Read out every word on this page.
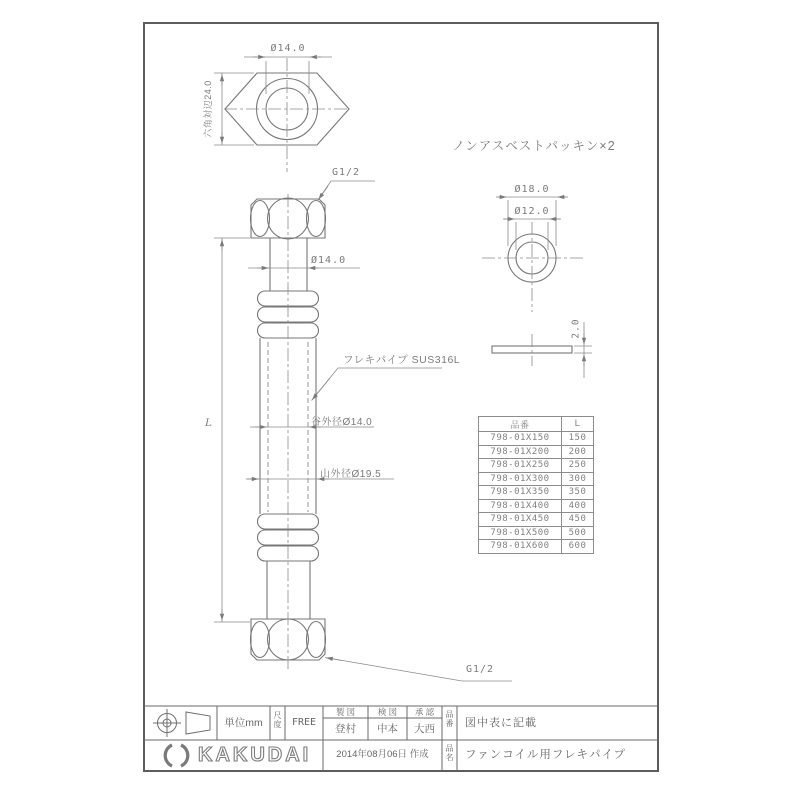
Ø14.0
六角対辺24.0
G1/2
Ø14.0
フレキパイプ SUS316L
谷外径Ø14.0
山外径Ø19.5
L
G1/2
ノンアスベストパッキン×2
Ø18.0
Ø12.0
2.0
品番	L
798-01X150	150
798-01X200	200
798-01X250	250
798-01X300	300
798-01X350	350
798-01X400	400
798-01X450	450
798-01X500	500
798-01X600	600
単位mm
尺度	FREE
製 図	検 図	承 認
登村	中本	大西
2014年08月06日 作成
品番 図中表に記載
品名 ファンコイル用フレキパイプ
KAKUDAI
